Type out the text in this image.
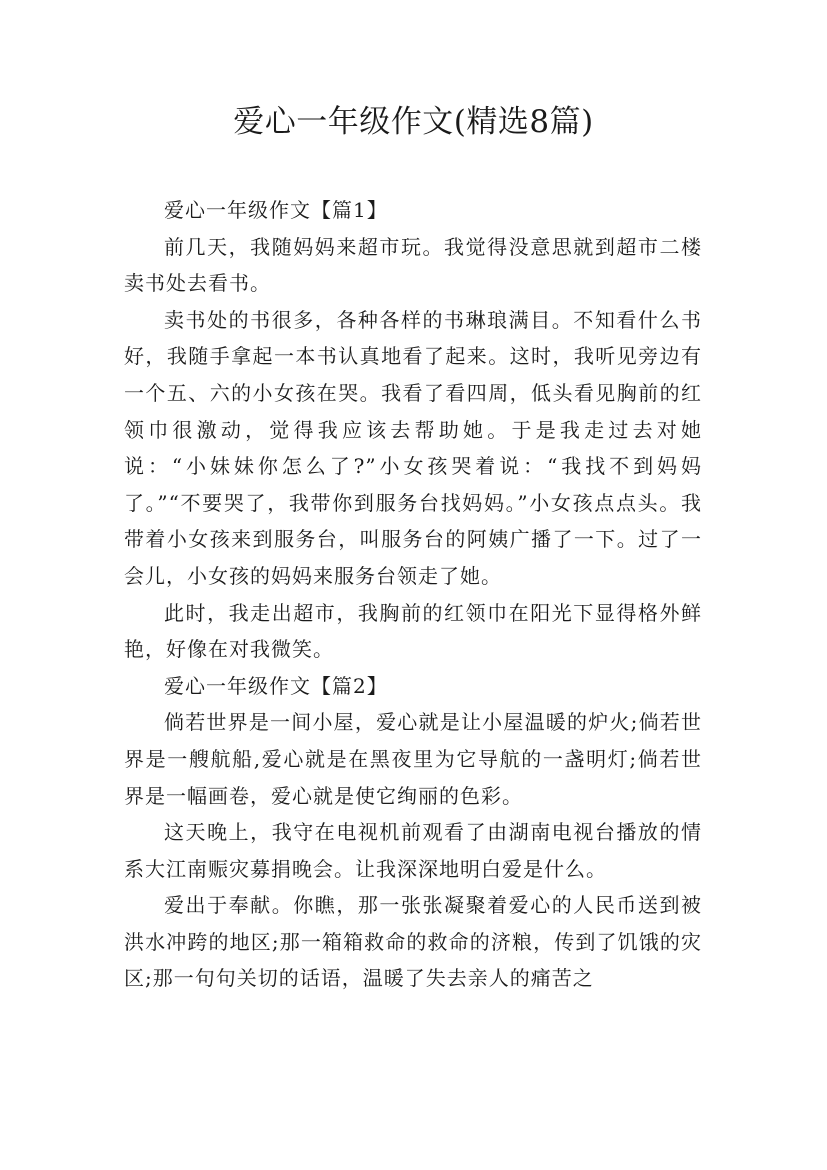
爱心一年级作文(精选8篇)

爱心一年级作文【篇1】

前几天，我随妈妈来超市玩。我觉得没意思就到超市二楼卖书处去看书。

卖书处的书很多，各种各样的书琳琅满目。不知看什么书好，我随手拿起一本书认真地看了起来。这时，我听见旁边有一个五、六的小女孩在哭。我看了看四周，低头看见胸前的红领巾很激动，觉得我应该去帮助她。于是我走过去对她说：“小妹妹你怎么了?”小女孩哭着说：“我找不到妈妈了。”“不要哭了，我带你到服务台找妈妈。”小女孩点点头。我带着小女孩来到服务台，叫服务台的阿姨广播了一下。过了一会儿，小女孩的妈妈来服务台领走了她。

此时，我走出超市，我胸前的红领巾在阳光下显得格外鲜艳，好像在对我微笑。

爱心一年级作文【篇2】

倘若世界是一间小屋，爱心就是让小屋温暖的炉火;倘若世界是一艘航船,爱心就是在黑夜里为它导航的一盏明灯;倘若世界是一幅画卷，爱心就是使它绚丽的色彩。

这天晚上，我守在电视机前观看了由湖南电视台播放的情系大江南赈灾募捐晚会。让我深深地明白爱是什么。

爱出于奉献。你瞧，那一张张凝聚着爱心的人民币送到被洪水冲跨的地区;那一箱箱救命的救命的济粮，传到了饥饿的灾区;那一句句关切的话语，温暖了失去亲人的痛苦之
